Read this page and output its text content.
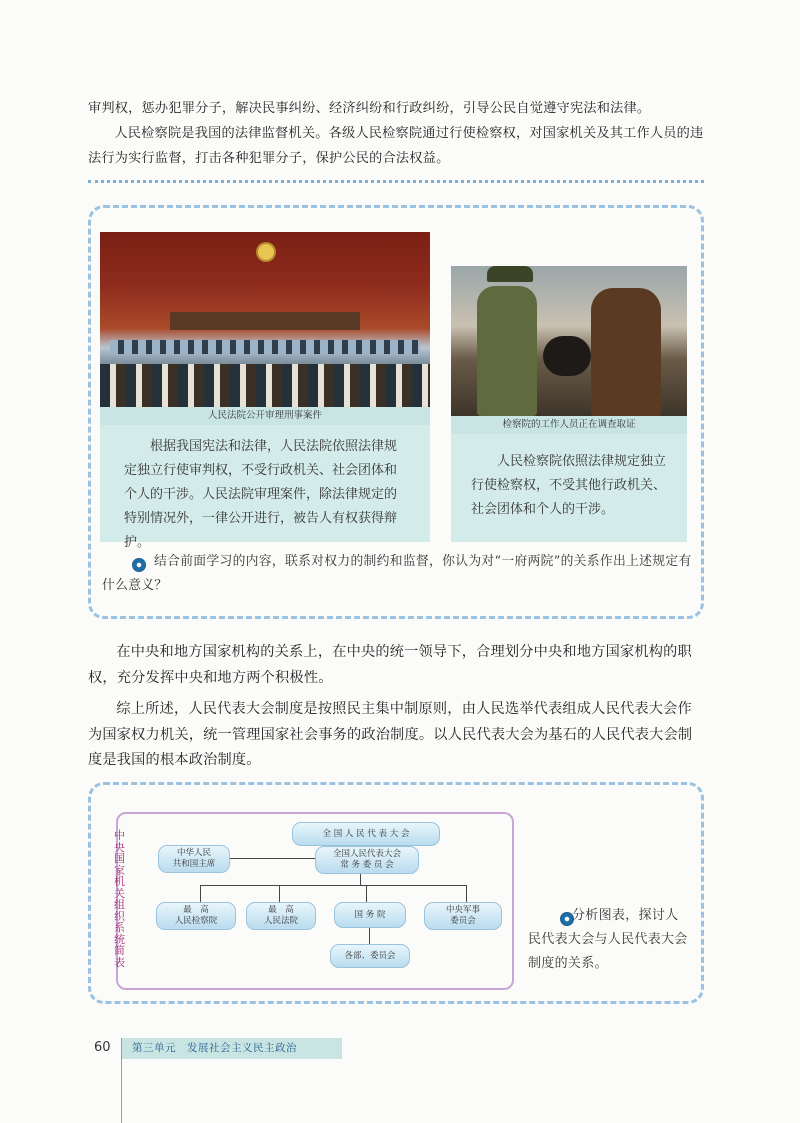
审判权，惩办犯罪分子，解决民事纠纷、经济纠纷和行政纠纷，引导公民自觉遵守宪法和法律。

人民检察院是我国的法律监督机关。各级人民检察院通过行使检察权，对国家机关及其工作人员的违法行为实行监督，打击各种犯罪分子，保护公民的合法权益。

人民法院公开审理刑事案件

根据我国宪法和法律，人民法院依照法律规定独立行使审判权，不受行政机关、社会团体和个人的干涉。人民法院审理案件，除法律规定的特别情况外，一律公开进行，被告人有权获得辩护。

检察院的工作人员正在调查取证

人民检察院依照法律规定独立行使检察权，不受其他行政机关、社会团体和个人的干涉。

结合前面学习的内容，联系对权力的制约和监督，你认为对“一府两院”的关系作出上述规定有什么意义？

在中央和地方国家机构的关系上，在中央的统一领导下，合理划分中央和地方国家机构的职权，充分发挥中央和地方两个积极性。

综上所述，人民代表大会制度是按照民主集中制原则，由人民选举代表组成人民代表大会作为国家权力机关，统一管理国家社会事务的政治制度。以人民代表大会为基石的人民代表大会制度是我国的根本政治制度。

中央国家机关组织系统简表
全 国 人 民 代 表 大 会
全国人民代表大会
常 务 委 员 会
中华人民
共和国主席
最　高
人民检察院
最　高
人民法院
国 务 院	中央军事
委员会
各部、委员会
分析图表，探讨人民代表大会与人民代表大会制度的关系。
60 第三单元　发展社会主义民主政治
